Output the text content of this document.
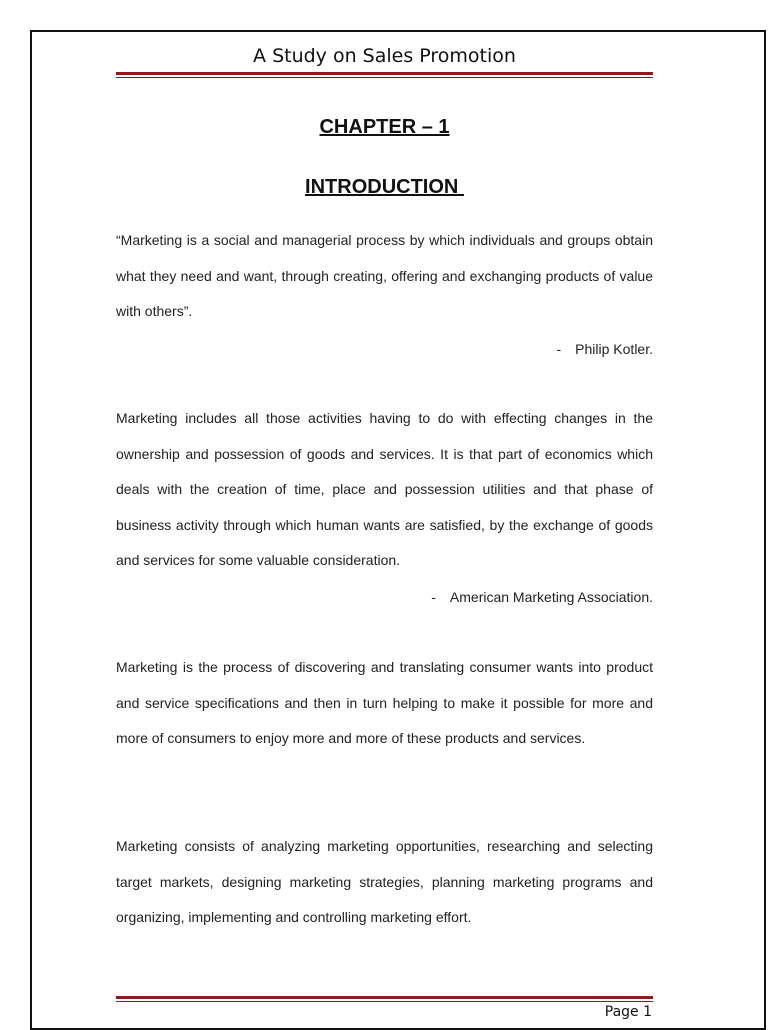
A Study on Sales Promotion
CHAPTER – 1
INTRODUCTION

“Marketing is a social and managerial process by which individuals and groups obtain what they need and want, through creating, offering and exchanging products of value with others”.

- Philip Kotler.

Marketing includes all those activities having to do with effecting changes in the ownership and possession of goods and services. It is that part of economics which deals with the creation of time, place and possession utilities and that phase of business activity through which human wants are satisfied, by the exchange of goods and services for some valuable consideration.

- American Marketing Association.

Marketing is the process of discovering and translating consumer wants into product and service specifications and then in turn helping to make it possible for more and more of consumers to enjoy more and more of these products and services.

Marketing consists of analyzing marketing opportunities, researching and selecting target markets, designing marketing strategies, planning marketing programs and organizing, implementing and controlling marketing effort.

Page 1
